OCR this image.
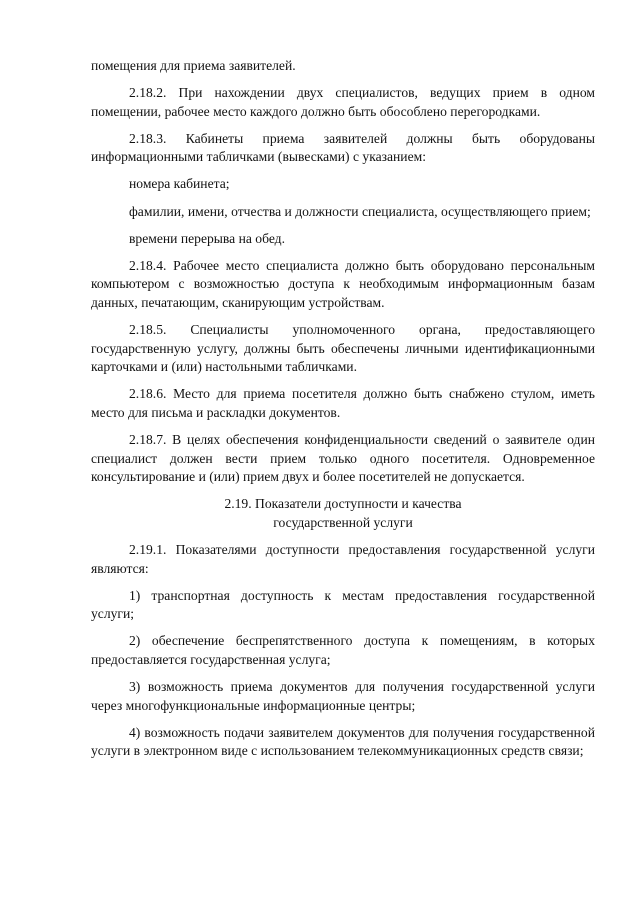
помещения для приема заявителей.

2.18.2. При нахождении двух специалистов, ведущих прием в одном помещении, рабочее место каждого должно быть обособлено перегородками.

2.18.3. Кабинеты приема заявителей должны быть оборудованы информационными табличками (вывесками) с указанием:

номера кабинета;

фамилии, имени, отчества и должности специалиста, осуществляющего прием;

времени перерыва на обед.

2.18.4. Рабочее место специалиста должно быть оборудовано персональным компьютером с возможностью доступа к необходимым информационным базам данных, печатающим, сканирующим устройствам.

2.18.5. Специалисты уполномоченного органа, предоставляющего государственную услугу, должны быть обеспечены личными идентификационными карточками и (или) настольными табличками.

2.18.6. Место для приема посетителя должно быть снабжено стулом, иметь место для письма и раскладки документов.

2.18.7. В целях обеспечения конфиденциальности сведений о заявителе один специалист должен вести прием только одного посетителя. Одновременное консультирование и (или) прием двух и более посетителей не допускается.

2.19. Показатели доступности и качества
государственной услуги

2.19.1. Показателями доступности предоставления государственной услуги являются:

1) транспортная доступность к местам предоставления государственной услуги;

2) обеспечение беспрепятственного доступа к помещениям, в которых предоставляется государственная услуга;

3) возможность приема документов для получения государственной услуги через многофункциональные информационные центры;

4) возможность подачи заявителем документов для получения государственной услуги в электронном виде с использованием телекоммуникационных средств связи;
